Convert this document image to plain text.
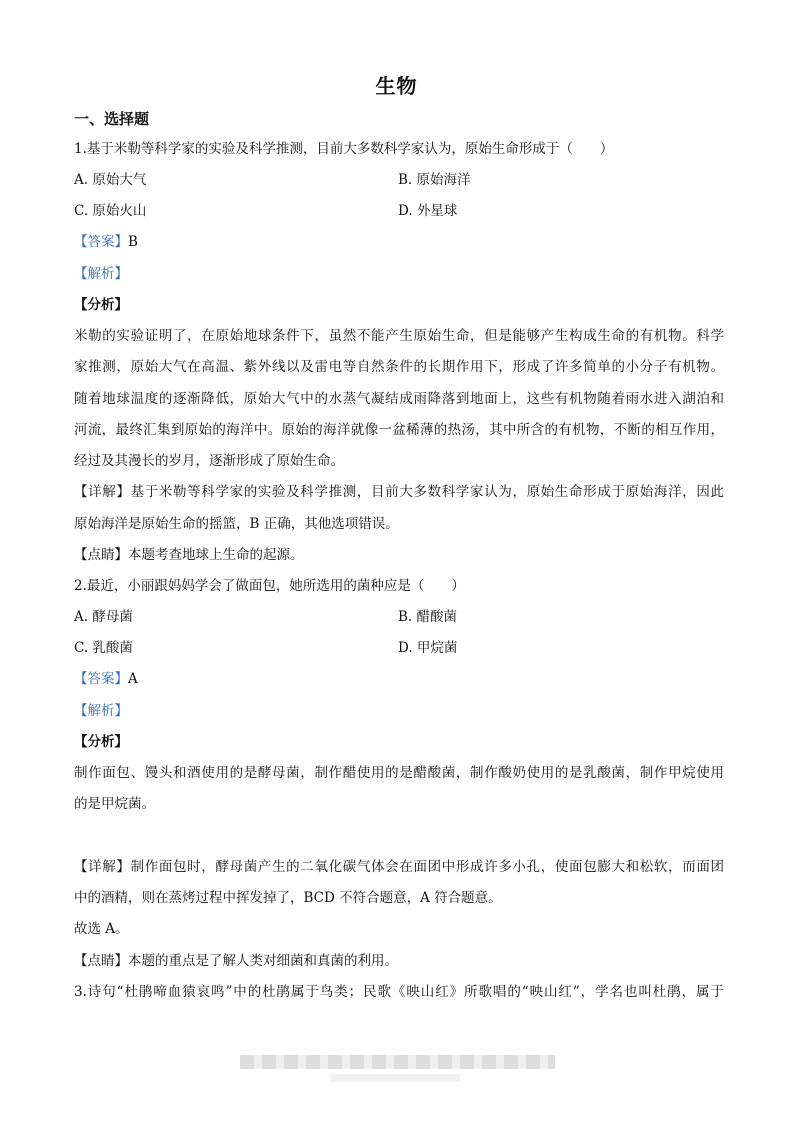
生物
一、选择题
1.基于米勒等科学家的实验及科学推测，目前大多数科学家认为，原始生命形成于（　　）
A. 原始大气	B. 原始海洋
C. 原始火山	D. 外星球
【答案】B
【解析】
【分析】
米勒的实验证明了，在原始地球条件下，虽然不能产生原始生命，但是能够产生构成生命的有机物。科学
家推测，原始大气在高温、紫外线以及雷电等自然条件的长期作用下，形成了许多简单的小分子有机物。
随着地球温度的逐渐降低，原始大气中的水蒸气凝结成雨降落到地面上，这些有机物随着雨水进入湖泊和
河流，最终汇集到原始的海洋中。原始的海洋就像一盆稀薄的热汤，其中所含的有机物，不断的相互作用，
经过及其漫长的岁月，逐渐形成了原始生命。
【详解】基于米勒等科学家的实验及科学推测，目前大多数科学家认为，原始生命形成于原始海洋，因此
原始海洋是原始生命的摇篮，B 正确，其他选项错误。
【点睛】本题考查地球上生命的起源。
2.最近，小丽跟妈妈学会了做面包，她所选用的菌种应是（　　）
A. 酵母菌	B. 醋酸菌
C. 乳酸菌	D. 甲烷菌
【答案】A
【解析】
【分析】
制作面包、馒头和酒使用的是酵母菌，制作醋使用的是醋酸菌，制作酸奶使用的是乳酸菌，制作甲烷使用
的是甲烷菌。
【详解】制作面包时，酵母菌产生的二氧化碳气体会在面团中形成许多小孔，使面包膨大和松软，而面团
中的酒精，则在蒸烤过程中挥发掉了，BCD 不符合题意，A 符合题意。
故选 A。
【点睛】本题的重点是了解人类对细菌和真菌的利用。
3.诗句“杜鹃啼血猿哀鸣”中的杜鹃属于鸟类；民歌《映山红》所歌唱的“映山红”，学名也叫杜鹃，属于
